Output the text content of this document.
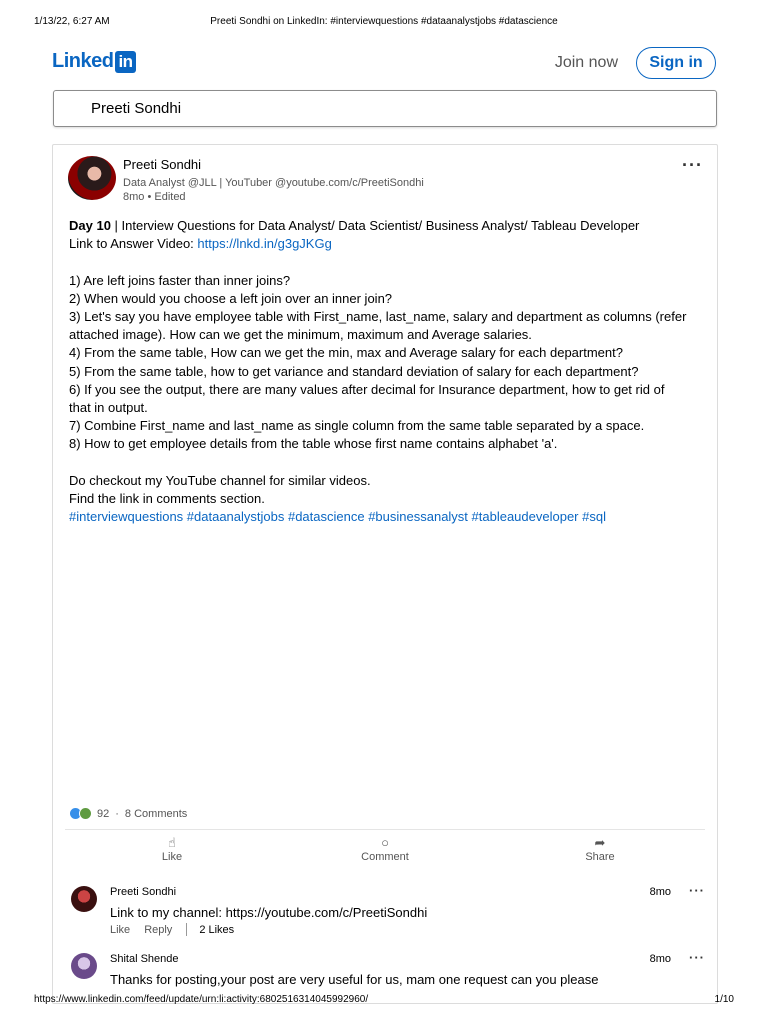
1/13/22, 6:27 AM	Preeti Sondhi on LinkedIn: #interviewquestions #dataanalystjobs #datascience
Linked in	Join now	Sign in
Preeti Sondhi
Preeti Sondhi
Data Analyst @JLL | YouTuber @youtube.com/c/PreetiSondhi
8mo • Edited
···
Day 10 | Interview Questions for Data Analyst/ Data Scientist/ Business Analyst/ Tableau Developer
Link to Answer Video: https://lnkd.in/g3gJKGg
1) Are left joins faster than inner joins?
2) When would you choose a left join over an inner join?
3) Let's say you have employee table with First_name, last_name, salary and department as columns (refer
attached image). How can we get the minimum, maximum and Average salaries.
4) From the same table, How can we get the min, max and Average salary for each department?
5) From the same table, how to get variance and standard deviation of salary for each department?
6) If you see the output, there are many values after decimal for Insurance department, how to get rid of
that in output.
7) Combine First_name and last_name as single column from the same table separated by a space.
8) How to get employee details from the table whose first name contains alphabet 'a'.
Do checkout my YouTube channel for similar videos.
Find the link in comments section.
#interviewquestions #dataanalystjobs #datascience #businessanalyst #tableaudeveloper #sql
92 · 8 Comments
☝
Like
○
Comment
➦
Share
Preeti Sondhi	8mo ···
Link to my channel: https://youtube.com/c/PreetiSondhi
Like Reply 2 Likes
Shital Shende	8mo ···
Thanks for posting,your post are very useful for us, mam one request can you please
https://www.linkedin.com/feed/update/urn:li:activity:6802516314045992960/	1/10
